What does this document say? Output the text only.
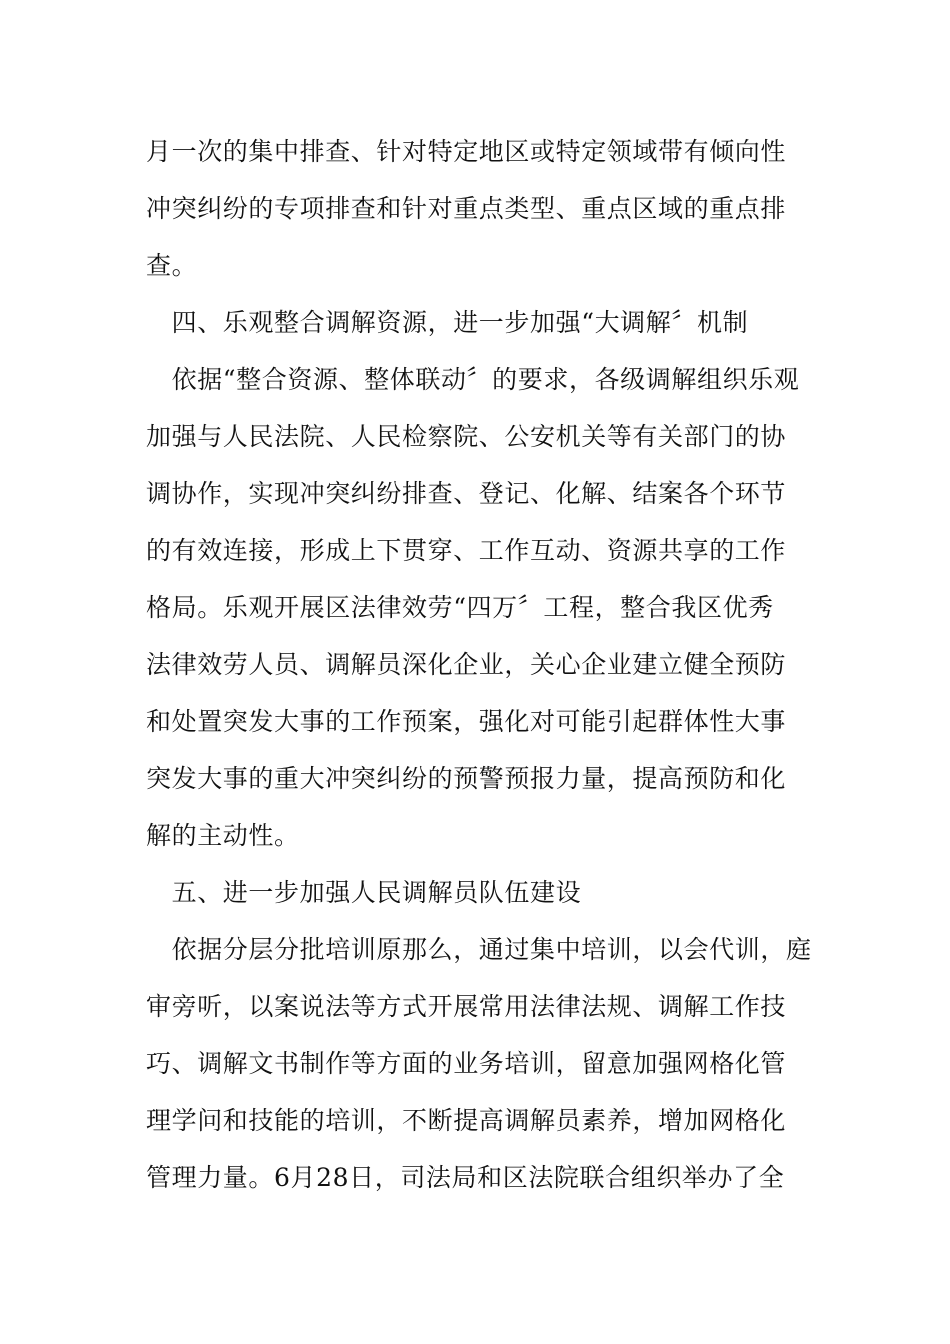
月一次的集中排查、针对特定地区或特定领域带有倾向性
冲突纠纷的专项排查和针对重点类型、重点区域的重点排
查。
　四、乐观整合调解资源，进一步加强“大调解〞机制
　依据“整合资源、整体联动〞的要求，各级调解组织乐观
加强与人民法院、人民检察院、公安机关等有关部门的协
调协作，实现冲突纠纷排查、登记、化解、结案各个环节
的有效连接，形成上下贯穿、工作互动、资源共享的工作
格局。乐观开展区法律效劳“四万〞工程，整合我区优秀
法律效劳人员、调解员深化企业，关心企业建立健全预防
和处置突发大事的工作预案，强化对可能引起群体性大事
突发大事的重大冲突纠纷的预警预报力量，提高预防和化
解的主动性。
　五、进一步加强人民调解员队伍建设
　依据分层分批培训原那么，通过集中培训，以会代训，庭
审旁听，以案说法等方式开展常用法律法规、调解工作技
巧、调解文书制作等方面的业务培训，留意加强网格化管
理学问和技能的培训，不断提高调解员素养，增加网格化
管理力量。6月28日，司法局和区法院联合组织举办了全
